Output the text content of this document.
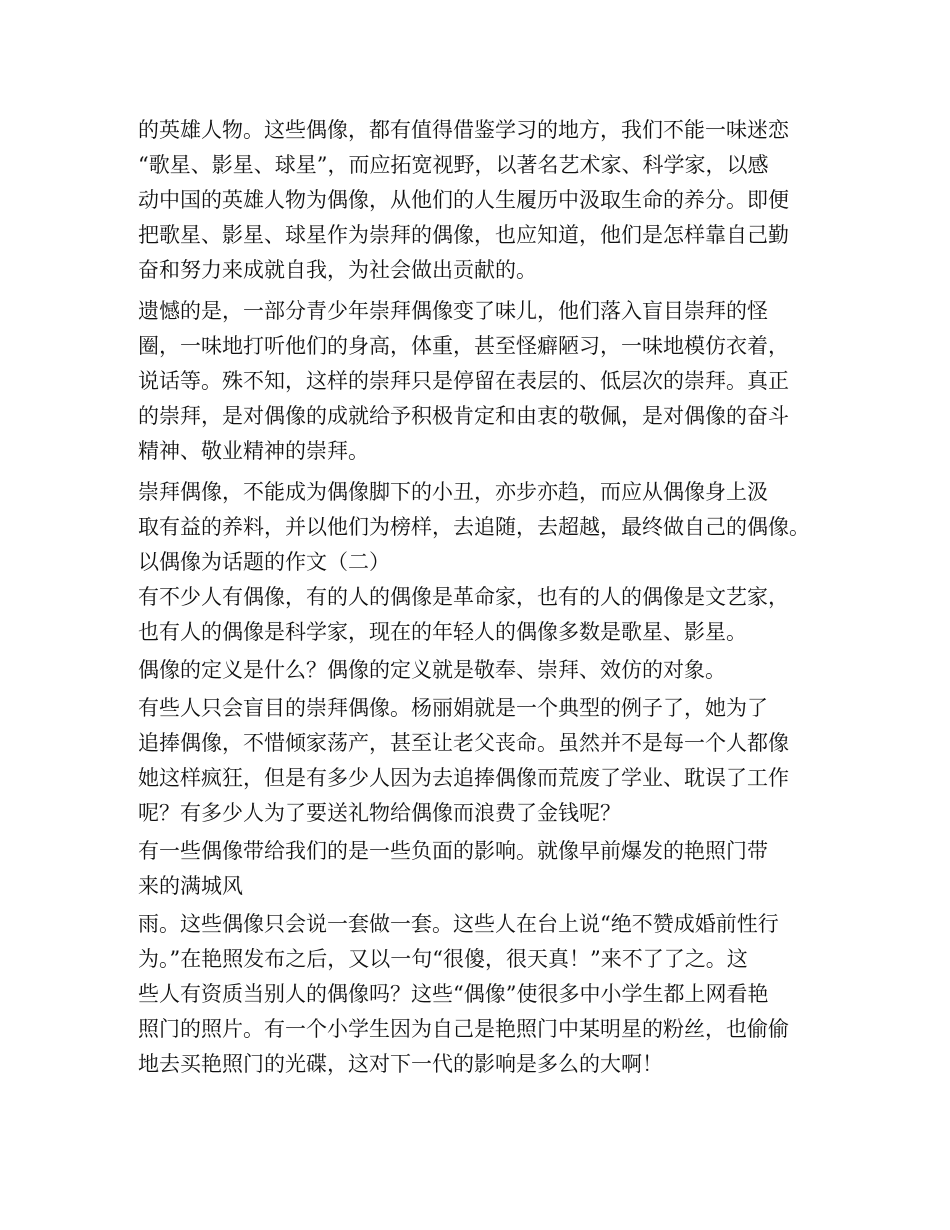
的英雄人物。这些偶像，都有值得借鉴学习的地方，我们不能一味迷恋
“歌星、影星、球星”，而应拓宽视野，以著名艺术家、科学家，以感
动中国的英雄人物为偶像，从他们的人生履历中汲取生命的养分。即便
把歌星、影星、球星作为崇拜的偶像，也应知道，他们是怎样靠自己勤
奋和努力来成就自我，为社会做出贡献的。
遗憾的是，一部分青少年崇拜偶像变了味儿，他们落入盲目崇拜的怪
圈，一味地打听他们的身高，体重，甚至怪癖陋习，一味地模仿衣着，
说话等。殊不知，这样的崇拜只是停留在表层的、低层次的崇拜。真正
的崇拜，是对偶像的成就给予积极肯定和由衷的敬佩，是对偶像的奋斗
精神、敬业精神的崇拜。
崇拜偶像，不能成为偶像脚下的小丑，亦步亦趋，而应从偶像身上汲
取有益的养料，并以他们为榜样，去追随，去超越，最终做自己的偶像。
以偶像为话题的作文（二）
有不少人有偶像，有的人的偶像是革命家，也有的人的偶像是文艺家，
也有人的偶像是科学家，现在的年轻人的偶像多数是歌星、影星。
偶像的定义是什么？偶像的定义就是敬奉、崇拜、效仿的对象。
有些人只会盲目的崇拜偶像。杨丽娟就是一个典型的例子了，她为了
追捧偶像，不惜倾家荡产，甚至让老父丧命。虽然并不是每一个人都像
她这样疯狂，但是有多少人因为去追捧偶像而荒废了学业、耽误了工作
呢？有多少人为了要送礼物给偶像而浪费了金钱呢？
有一些偶像带给我们的是一些负面的影响。就像早前爆发的艳照门带
来的满城风
雨。这些偶像只会说一套做一套。这些人在台上说“绝不赞成婚前性行
为。”在艳照发布之后，又以一句“很傻，很天真！”来不了了之。这
些人有资质当别人的偶像吗？这些“偶像”使很多中小学生都上网看艳
照门的照片。有一个小学生因为自己是艳照门中某明星的粉丝，也偷偷
地去买艳照门的光碟，这对下一代的影响是多么的大啊！
